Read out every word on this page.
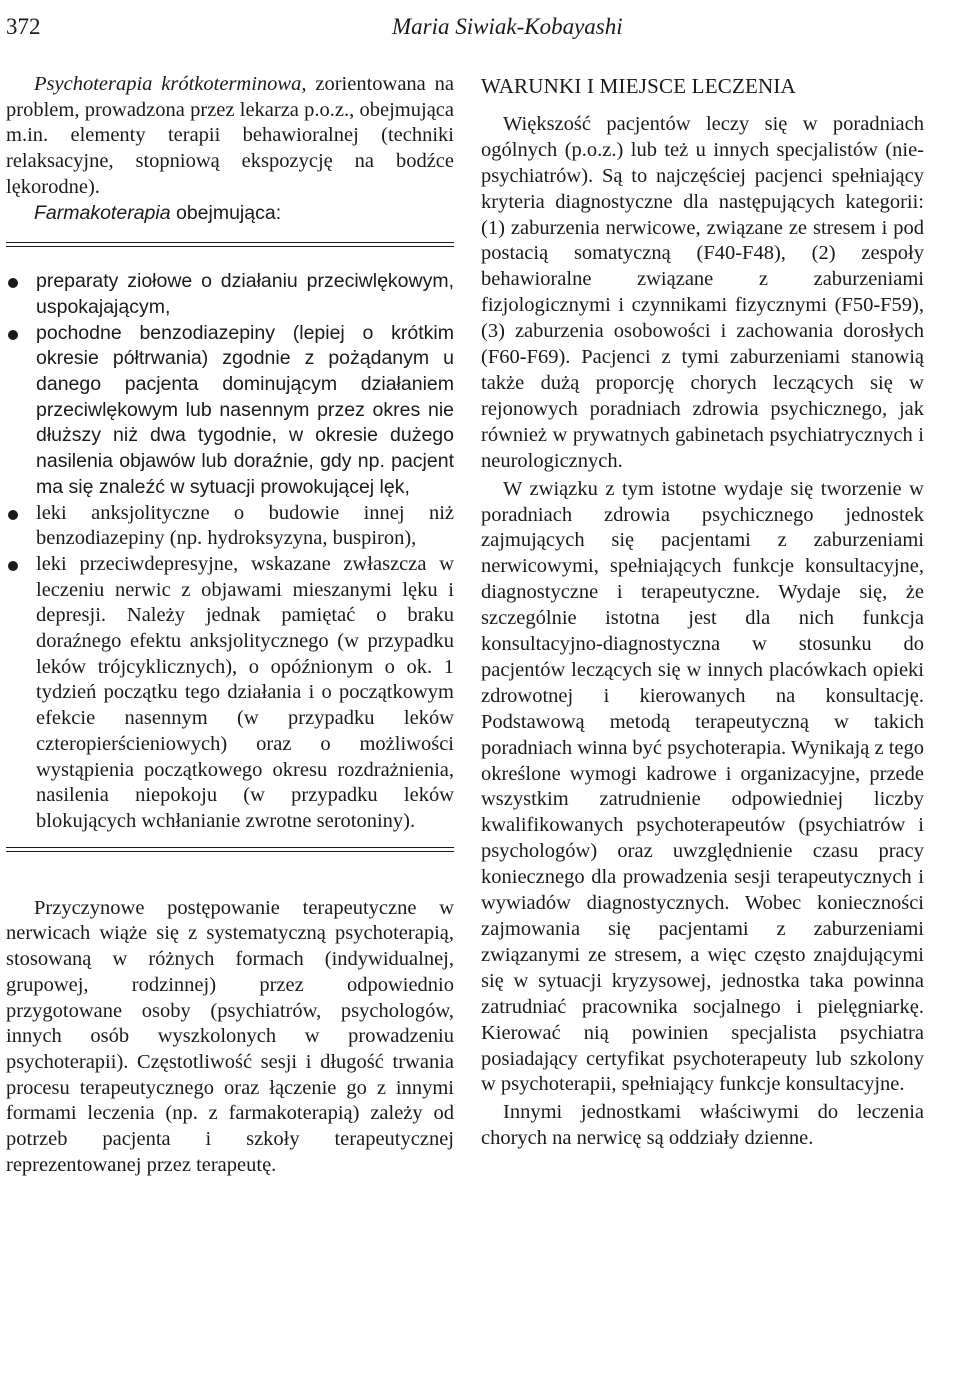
372	Maria Siwiak-Kobayashi

Psychoterapia krótkoterminowa, zorientowana na problem, prowadzona przez lekarza p.o.z., obejmująca m.in. elementy terapii behawioralnej (techniki relaksacyjne, stopniową ekspozycję na bodźce lękorodne).

Farmakoterapia obejmująca:

preparaty ziołowe o działaniu przeciwlękowym, uspokajającym,
pochodne benzodiazepiny (lepiej o krótkim okresie półtrwania) zgodnie z pożądanym u danego pacjenta dominującym działaniem przeciwlękowym lub nasennym przez okres nie dłuższy niż dwa tygodnie, w okresie dużego nasilenia objawów lub doraźnie, gdy np. pacjent ma się znaleźć w sytuacji prowokującej lęk,
leki anksjolityczne o budowie innej niż benzodiazepiny (np. hydroksyzyna, buspiron),
leki przeciwdepresyjne, wskazane zwłaszcza w leczeniu nerwic z objawami mieszanymi lęku i depresji. Należy jednak pamiętać o braku doraźnego efektu anksjolitycznego (w przypadku leków trójcyklicznych), o opóźnionym o ok. 1 tydzień początku tego działania i o początkowym efekcie nasennym (w przypadku leków czteropierścieniowych) oraz o możliwości wystąpienia początkowego okresu rozdrażnienia, nasilenia niepokoju (w przypadku leków blokujących wchłanianie zwrotne serotoniny).

Przyczynowe postępowanie terapeutyczne w nerwicach wiąże się z systematyczną psychoterapią, stosowaną w różnych formach (indywidualnej, grupowej, rodzinnej) przez odpowiednio przygotowane osoby (psychiatrów, psychologów, innych osób wyszkolonych w prowadzeniu psychoterapii). Częstotliwość sesji i długość trwania procesu terapeutycznego oraz łączenie go z innymi formami leczenia (np. z farmakoterapią) zależy od potrzeb pacjenta i szkoły terapeutycznej reprezentowanej przez terapeutę.

WARUNKI I MIEJSCE LECZENIA

Większość pacjentów leczy się w poradniach ogólnych (p.o.z.) lub też u innych specjalistów (nie-psychiatrów). Są to najczęściej pacjenci spełniający kryteria diagnostyczne dla następujących kategorii: (1) zaburzenia nerwicowe, związane ze stresem i pod postacią somatyczną (F40-F48), (2) zespoły behawioralne związane z zaburzeniami fizjologicznymi i czynnikami fizycznymi (F50-F59), (3) zaburzenia osobowości i zachowania dorosłych (F60-F69). Pacjenci z tymi zaburzeniami stanowią także dużą proporcję chorych leczących się w rejonowych poradniach zdrowia psychicznego, jak również w prywatnych gabinetach psychiatrycznych i neurologicznych.

W związku z tym istotne wydaje się tworzenie w poradniach zdrowia psychicznego jednostek zajmujących się pacjentami z zaburzeniami nerwicowymi, spełniających funkcje konsultacyjne, diagnostyczne i terapeutyczne. Wydaje się, że szczególnie istotna jest dla nich funkcja konsultacyjno-diagnostyczna w stosunku do pacjentów leczących się w innych placówkach opieki zdrowotnej i kierowanych na konsultację. Podstawową metodą terapeutyczną w takich poradniach winna być psychoterapia. Wynikają z tego określone wymogi kadrowe i organizacyjne, przede wszystkim zatrudnienie odpowiedniej liczby kwalifikowanych psychoterapeutów (psychiatrów i psychologów) oraz uwzględnienie czasu pracy koniecznego dla prowadzenia sesji terapeutycznych i wywiadów diagnostycznych. Wobec konieczności zajmowania się pacjentami z zaburzeniami związanymi ze stresem, a więc często znajdującymi się w sytuacji kryzysowej, jednostka taka powinna zatrudniać pracownika socjalnego i pielęgniarkę. Kierować nią powinien specjalista psychiatra posiadający certyfikat psychoterapeuty lub szkolony w psychoterapii, spełniający funkcje konsultacyjne.

Innymi jednostkami właściwymi do leczenia chorych na nerwicę są oddziały dzienne.
